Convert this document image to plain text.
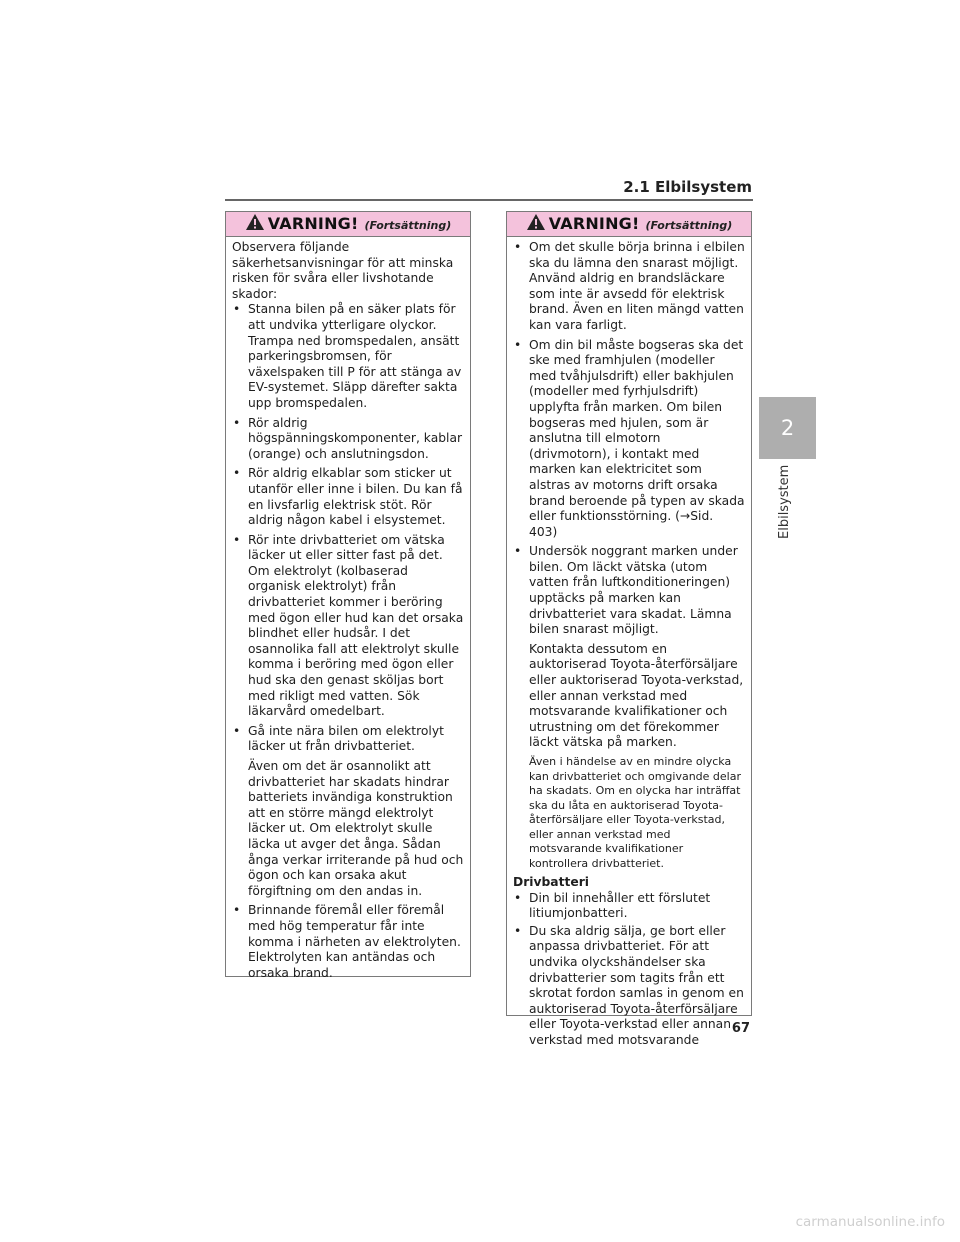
2.1 Elbilsystem
VARNING! (Fortsättning)

Observera följande säkerhetsanvisningar för att minska risken för svåra eller livshotande skador:

• Stanna bilen på en säker plats för att undvika ytterligare olyckor. Trampa ned bromspedalen, ansätt parkeringsbromsen, för växelspaken till P för att stänga av EV-systemet. Släpp därefter sakta upp bromspedalen.

• Rör aldrig högspänningskomponenter, kablar (orange) och anslutningsdon.

• Rör aldrig elkablar som sticker ut utanför eller inne i bilen. Du kan få en livsfarlig elektrisk stöt. Rör aldrig någon kabel i elsystemet.

• Rör inte drivbatteriet om vätska läcker ut eller sitter fast på det. Om elektrolyt (kolbaserad organisk elektrolyt) från drivbatteriet kommer i beröring med ögon eller hud kan det orsaka blindhet eller hudsår. I det osannolika fall att elektrolyt skulle komma i beröring med ögon eller hud ska den genast sköljas bort med rikligt med vatten. Sök läkarvård omedelbart.

• Gå inte nära bilen om elektrolyt läcker ut från drivbatteriet.

Även om det är osannolikt att drivbatteriet har skadats hindrar batteriets invändiga konstruktion att en större mängd elektrolyt läcker ut. Om elektrolyt skulle läcka ut avger det ånga. Sådan ånga verkar irriterande på hud och ögon och kan orsaka akut förgiftning om den andas in.

• Brinnande föremål eller föremål med hög temperatur får inte komma i närheten av elektrolyten. Elektrolyten kan antändas och orsaka brand.

VARNING! (Fortsättning)

• Om det skulle börja brinna i elbilen ska du lämna den snarast möjligt. Använd aldrig en brandsläckare som inte är avsedd för elektrisk brand. Även en liten mängd vatten kan vara farligt.

• Om din bil måste bogseras ska det ske med framhjulen (modeller med tvåhjulsdrift) eller bakhjulen (modeller med fyrhjulsdrift) upplyfta från marken. Om bilen bogseras med hjulen, som är anslutna till elmotorn (drivmotorn), i kontakt med marken kan elektricitet som alstras av motorns drift orsaka brand beroende på typen av skada eller funktionsstörning. (→Sid. 403)

• Undersök noggrant marken under bilen. Om läckt vätska (utom vatten från luftkonditioneringen) upptäcks på marken kan drivbatteriet vara skadat. Lämna bilen snarast möjligt.

Kontakta dessutom en auktoriserad Toyota-återförsäljare eller auktoriserad Toyota-verkstad, eller annan verkstad med motsvarande kvalifikationer och utrustning om det förekommer läckt vätska på marken.

Även i händelse av en mindre olycka kan drivbatteriet och omgivande delar ha skadats. Om en olycka har inträffat ska du låta en auktoriserad Toyota-återförsäljare eller Toyota-verkstad, eller annan verkstad med motsvarande kvalifikationer kontrollera drivbatteriet.

Drivbatteri

• Din bil innehåller ett förslutet litiumjonbatteri.

• Du ska aldrig sälja, ge bort eller anpassa drivbatteriet. För att undvika olyckshändelser ska drivbatterier som tagits från ett skrotat fordon samlas in genom en auktoriserad Toyota-återförsäljare eller Toyota-verkstad eller annan verkstad med motsvarande

2
Elbilsystem
67
carmanualsonline.info
